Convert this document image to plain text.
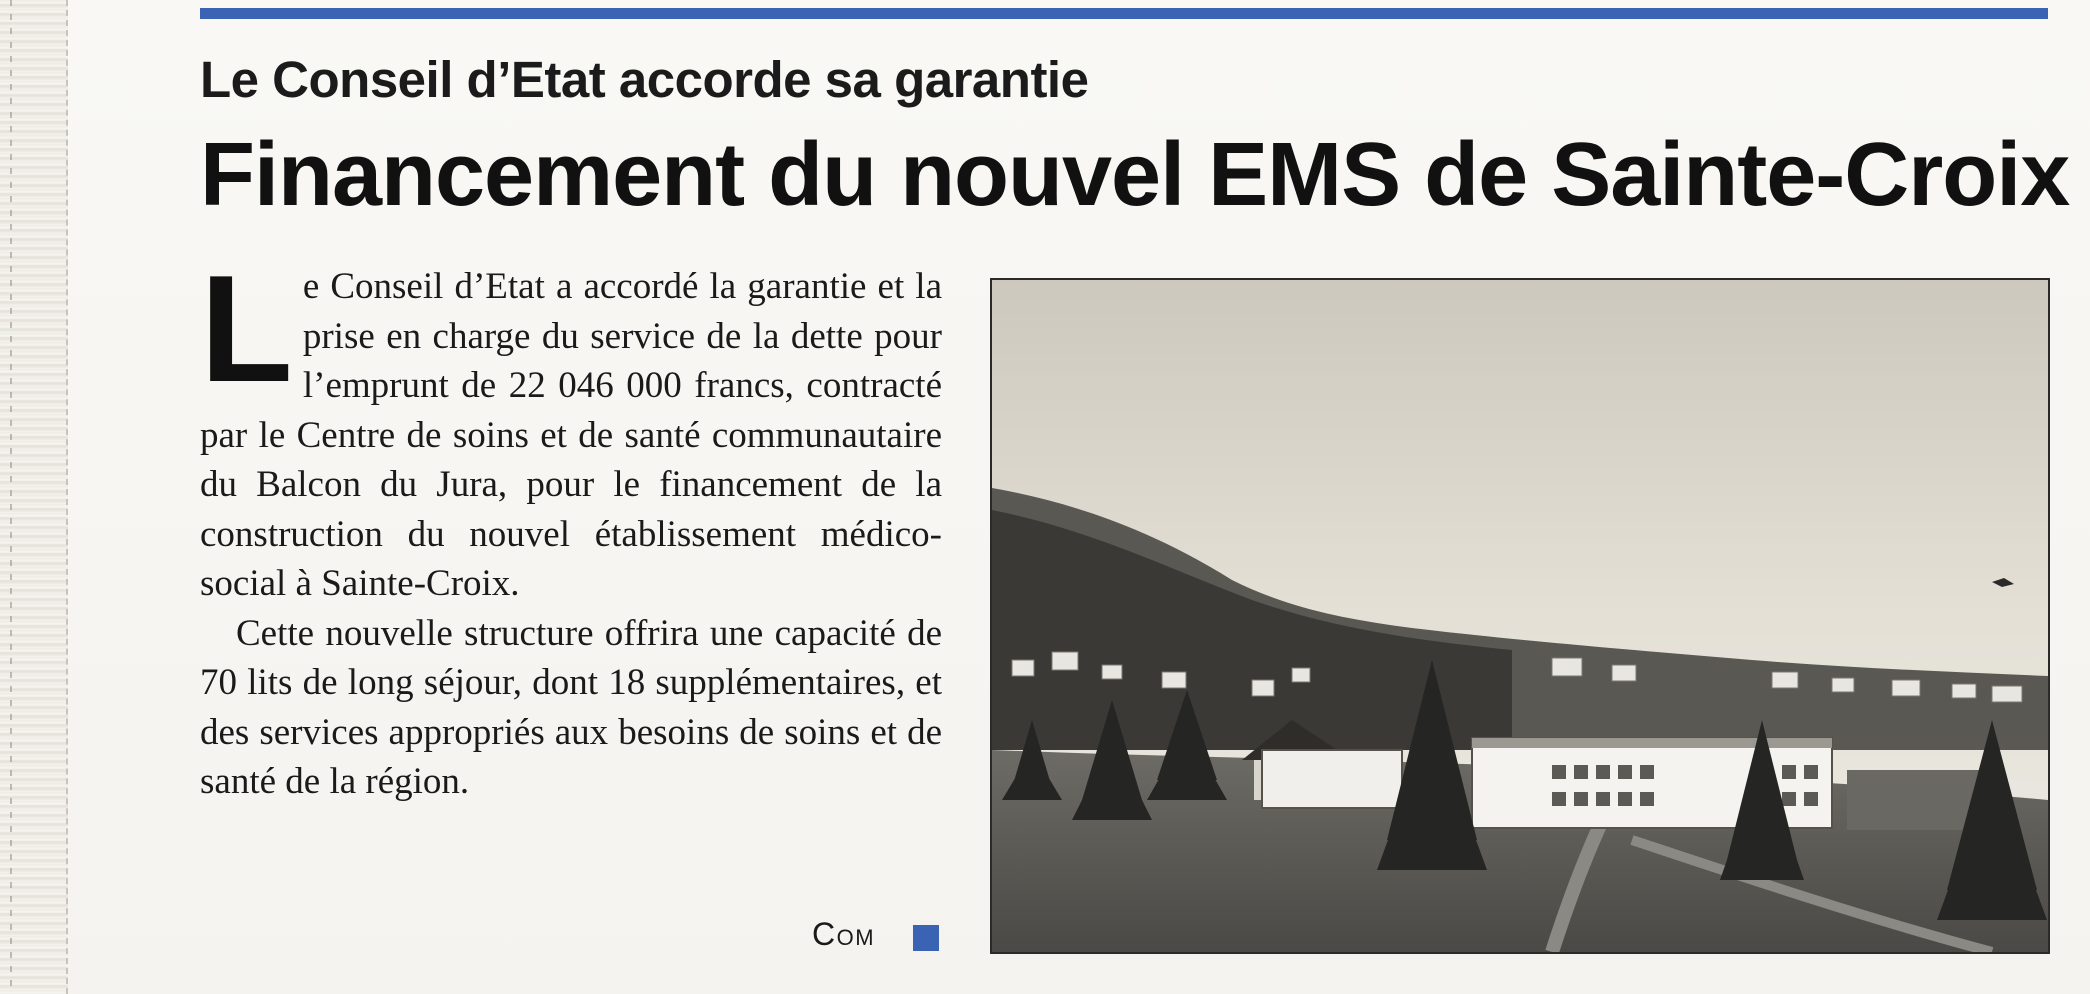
Le Conseil d’Etat accorde sa garantie
Financement du nouvel EMS de Sainte-Croix

Le Conseil d’Etat a accordé la garantie et la prise en charge du service de la dette pour l’emprunt de 22 046 000 francs, contracté par le Centre de soins et de santé communautaire du Balcon du Jura, pour le financement de la construction du nouvel établissement médico-social à Sainte-Croix.

Cette nouvelle structure offrira une capacité de 70 lits de long séjour, dont 18 supplémentaires, et des services appropriés aux besoins de soins et de santé de la région.

Com
